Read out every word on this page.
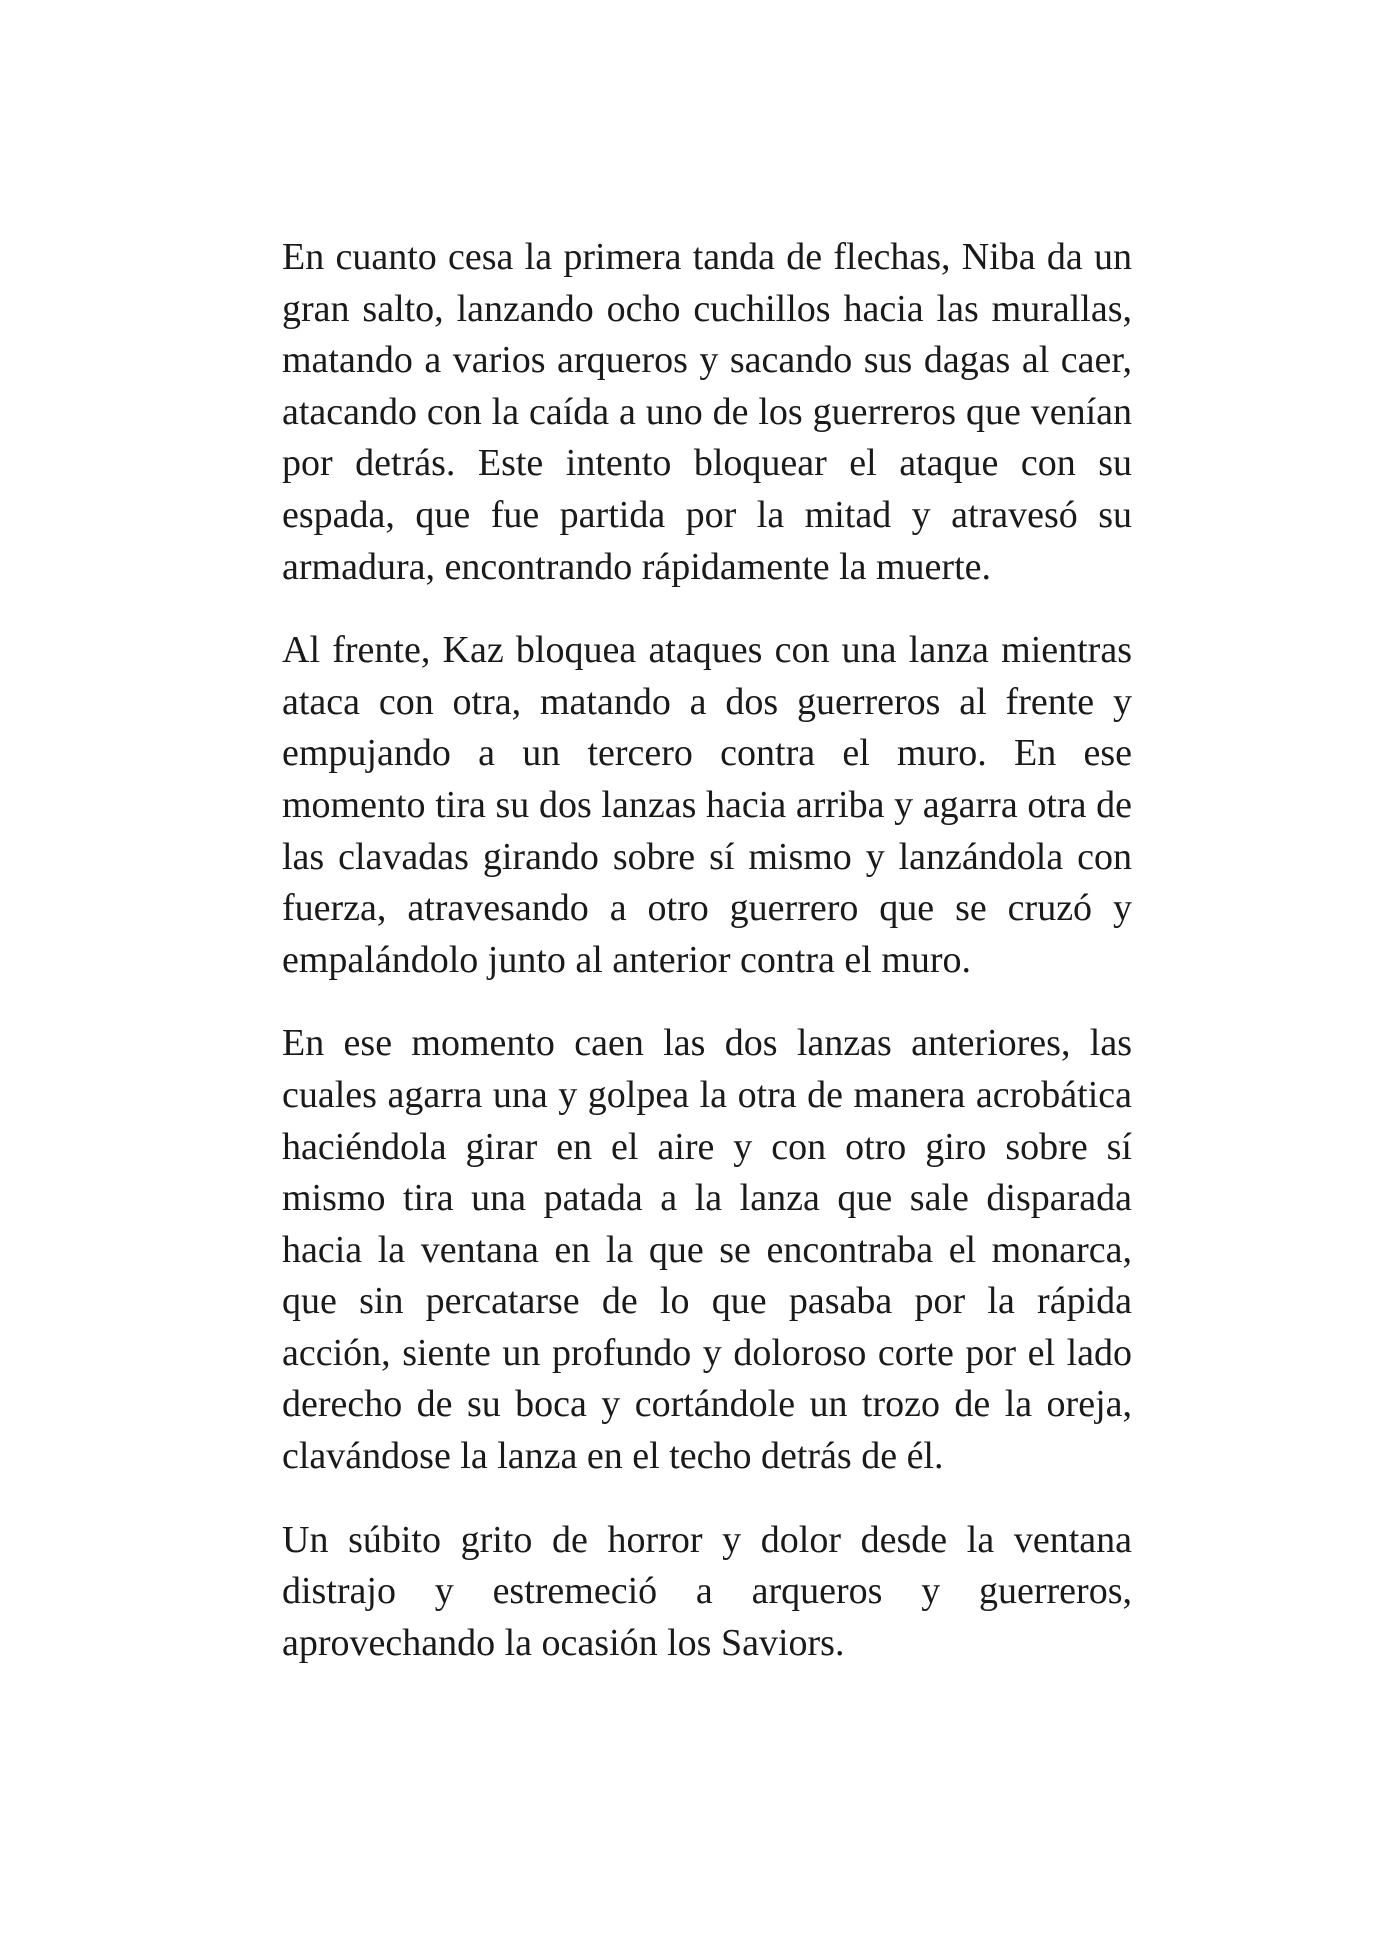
En cuanto cesa la primera tanda de flechas, Niba da un gran salto, lanzando ocho cuchillos hacia las murallas, matando a varios arqueros y sacando sus dagas al caer, atacando con la caída a uno de los guerreros que venían por detrás. Este intento bloquear el ataque con su espada, que fue partida por la mitad y atravesó su armadura, encontrando rápidamente la muerte.

Al frente, Kaz bloquea ataques con una lanza mientras ataca con otra, matando a dos guerreros al frente y empujando a un tercero contra el muro. En ese momento tira su dos lanzas hacia arriba y agarra otra de las clavadas girando sobre sí mismo y lanzándola con fuerza, atravesando a otro guerrero que se cruzó y empalándolo junto al anterior contra el muro.

En ese momento caen las dos lanzas anteriores, las cuales agarra una y golpea la otra de manera acrobática haciéndola girar en el aire y con otro giro sobre sí mismo tira una patada a la lanza que sale disparada hacia la ventana en la que se encontraba el monarca, que sin percatarse de lo que pasaba por la rápida acción, siente un profundo y doloroso corte por el lado derecho de su boca y cortándole un trozo de la oreja, clavándose la lanza en el techo detrás de él.

Un súbito grito de horror y dolor desde la ventana distrajo y estremeció a arqueros y guerreros, aprovechando la ocasión los Saviors.
